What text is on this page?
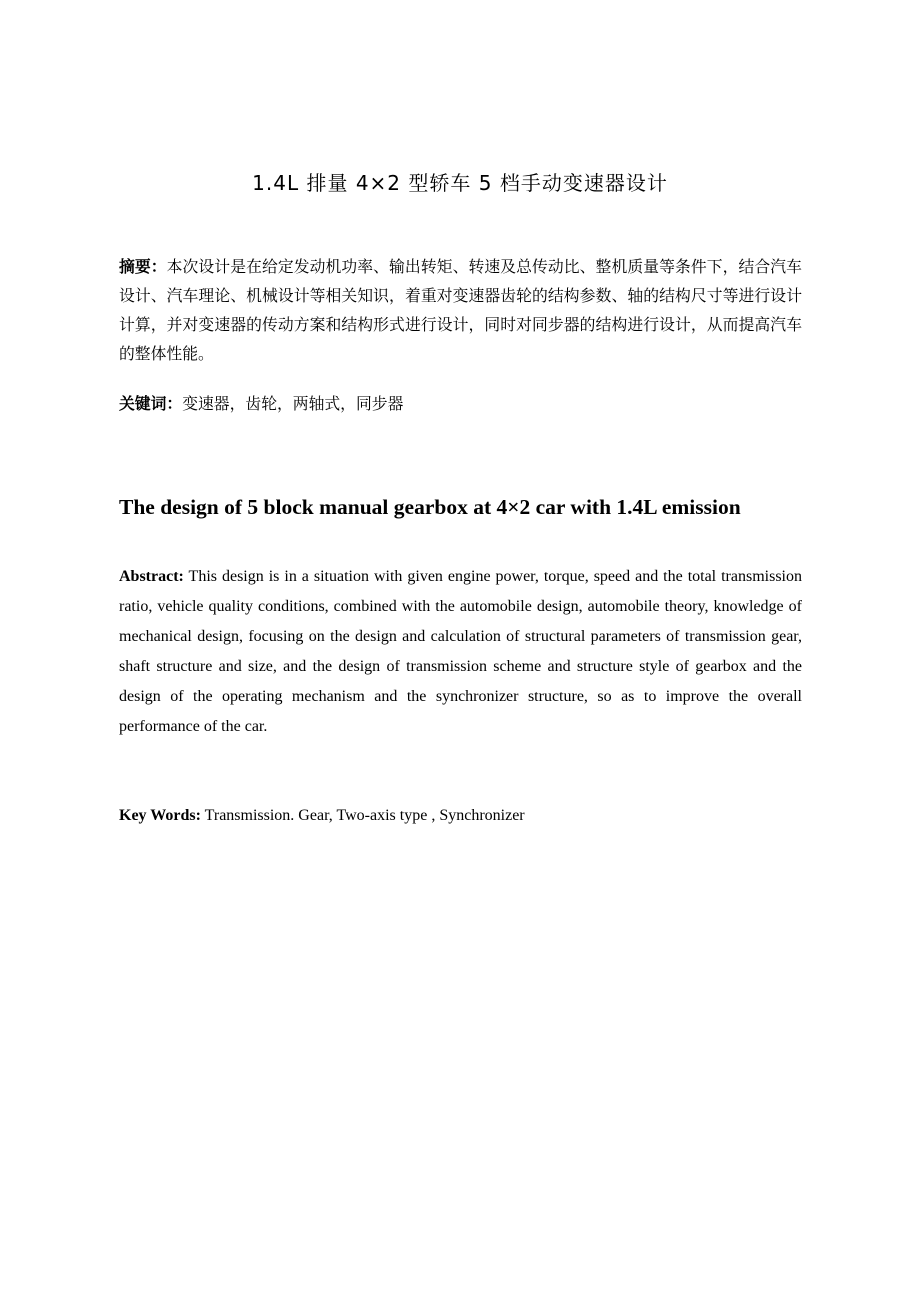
1.4L 排量 4×2 型轿车 5 档手动变速器设计
摘要：本次设计是在给定发动机功率、输出转矩、转速及总传动比、整机质量等条件下，结合汽车设计、汽车理论、机械设计等相关知识，着重对变速器齿轮的结构参数、轴的结构尺寸等进行设计计算，并对变速器的传动方案和结构形式进行设计，同时对同步器的结构进行设计，从而提高汽车的整体性能。
关键词：变速器，齿轮，两轴式，同步器
The design of 5 block manual gearbox at 4×2 car with 1.4L emission
Abstract: This design is in a situation with given engine power, torque, speed and the total transmission ratio, vehicle quality conditions, combined with the automobile design, automobile theory, knowledge of mechanical design, focusing on the design and calculation of structural parameters of transmission gear, shaft structure and size, and the design of transmission scheme and structure style of gearbox and the design of the operating mechanism and the synchronizer structure, so as to improve the overall performance of the car.
Key Words: Transmission. Gear, Two-axis type , Synchronizer
